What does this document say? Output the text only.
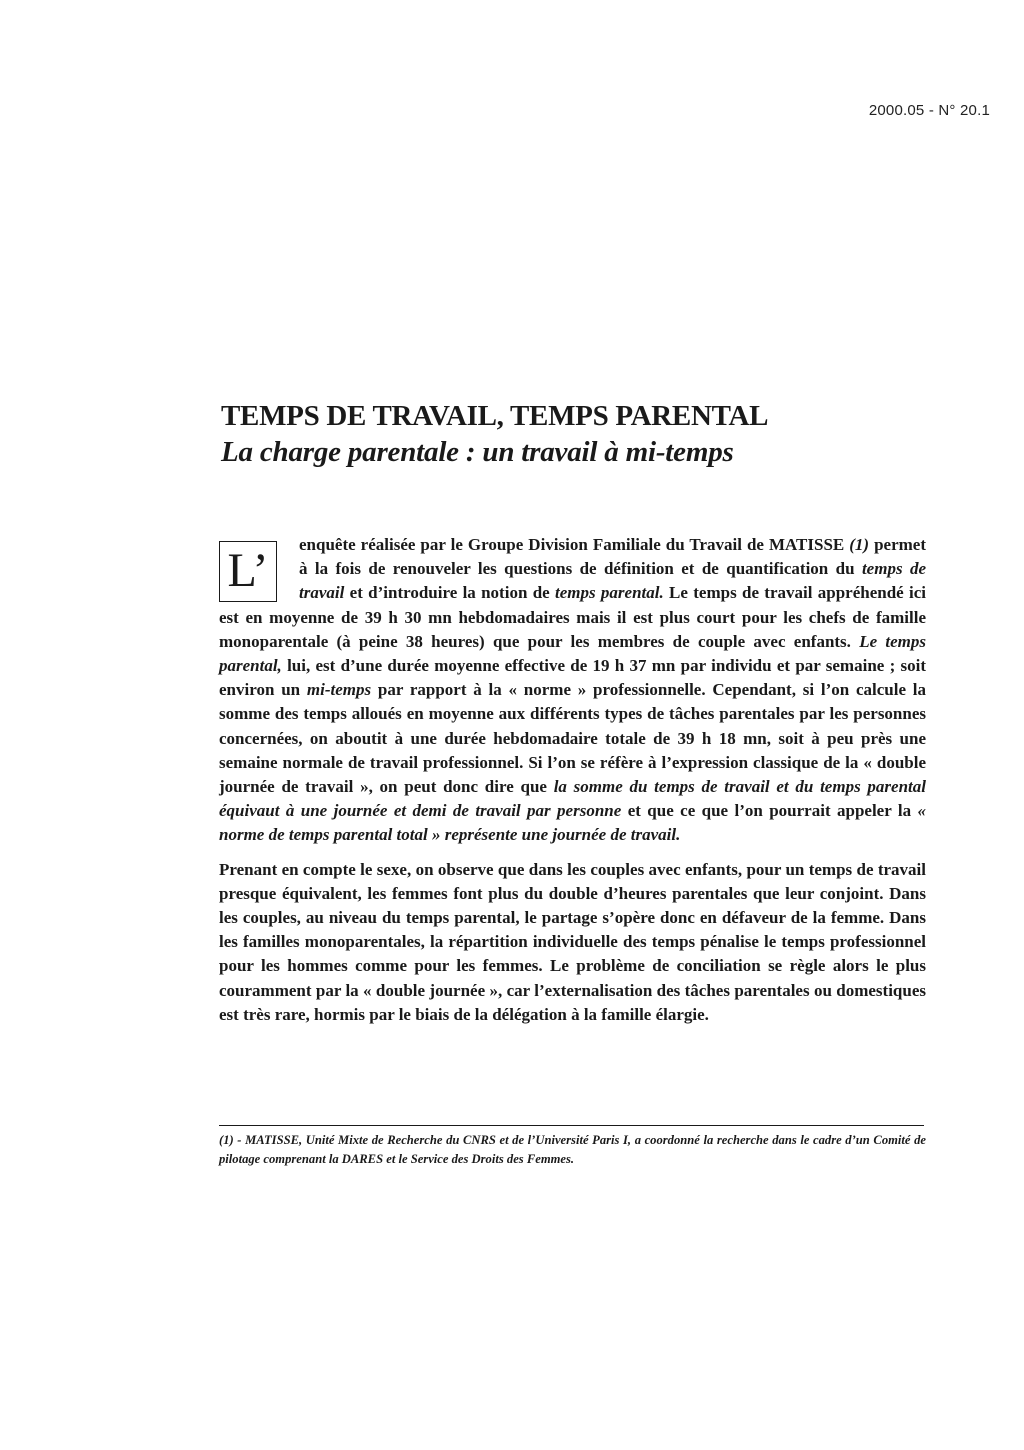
2000.05 - N° 20.1
TEMPS DE TRAVAIL, TEMPS PARENTAL
La charge parentale : un travail à mi-temps

L’	enquête réalisée par le Groupe Division Familiale du Travail de MATISSE (1) permet à la fois de renouveler les questions de définition et de quantification du temps de travail et d’introduire la notion de temps parental. Le temps de travail appréhendé ici est en moyenne de 39 h 30 mn hebdomadaires mais il est plus court pour les chefs de famille monoparentale (à peine 38 heures) que pour les membres de couple avec enfants. Le temps parental, lui, est d’une durée moyenne effective de 19 h 37 mn par individu et par semaine ; soit environ un mi-temps par rapport à la « norme » professionnelle. Cependant, si l’on calcule la somme des temps alloués en moyenne aux différents types de tâches parentales par les personnes concernées, on aboutit à une durée hebdomadaire totale de 39 h 18 mn, soit à peu près une semaine normale de travail professionnel. Si l’on se réfère à l’expression classique de la « double journée de travail », on peut donc dire que la somme du temps de travail et du temps parental équivaut à une journée et demi de travail par personne et que ce que l’on pourrait appeler la « norme de temps parental total » représente une journée de travail.

Prenant en compte le sexe, on observe que dans les couples avec enfants, pour un temps de travail presque équivalent, les femmes font plus du double d’heures parentales que leur conjoint. Dans les couples, au niveau du temps parental, le partage s’opère donc en défaveur de la femme. Dans les familles monoparentales, la répartition individuelle des temps pénalise le temps professionnel pour les hommes comme pour les femmes. Le problème de conciliation se règle alors le plus couramment par la « double journée », car l’externalisation des tâches parentales ou domestiques est très rare, hormis par le biais de la délégation à la famille élargie.

(1) - MATISSE, Unité Mixte de Recherche du CNRS et de l’Université Paris I, a coordonné la recherche dans le cadre d’un Comité de pilotage comprenant la DARES et le Service des Droits des Femmes.
